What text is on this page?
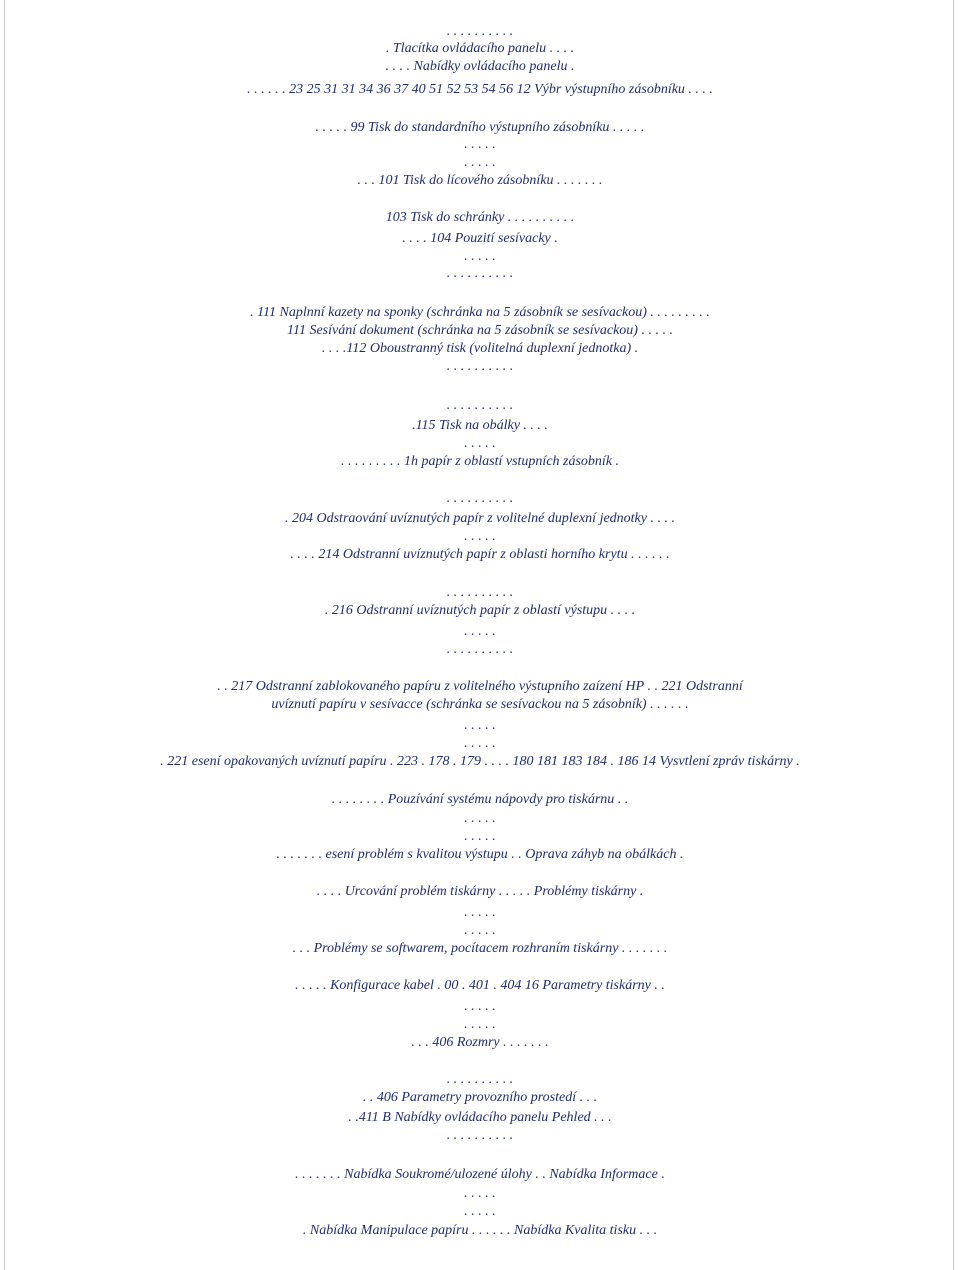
. . . . . . . . . .
. Tlacítka ovládacího panelu . . . .
. . . . Nabídky ovládacího panelu .
. . . . . . 23 25 31 31 34 36 37 40 51 52 53 54 56 12 Výbr výstupního zásobníku . . . .
. . . . . 99 Tisk do standardního výstupního zásobníku . . . . .
. . . . .
. . . . .
. . . 101 Tisk do lícového zásobníku . . . . . . .
103 Tisk do schránky . . . . . . . . . .
. . . . 104 Pouzití sesívacky .
. . . . .
. . . . . . . . . .
. 111 Naplnní kazety na sponky (schránka na 5 zásobník se sesívackou) . . . . . . . . .
111 Sesívání dokument (schránka na 5 zásobník se sesívackou) . . . . .
. . . .112 Oboustranný tisk (volitelná duplexní jednotka) .
. . . . . . . . . .
. . . . . . . . . .
.115 Tisk na obálky . . . .
. . . . .
. . . . . . . . . 1h papír z oblastí vstupních zásobník .
. . . . . . . . . .
. 204 Odstraování uvíznutých papír z volitelné duplexní jednotky . . . .
. . . . .
. . . . 214 Odstranní uvíznutých papír z oblasti horního krytu . . . . . .
. . . . . . . . . .
. 216 Odstranní uvíznutých papír z oblastí výstupu . . . .
. . . . .
. . . . . . . . . .
. . 217 Odstranní zablokovaného papíru z volitelného výstupního zaízení HP . . 221 Odstranní uvíznutí papíru v sesívacce (schránka se sesívackou na 5 zásobník) . . . . . .
. . . . .
. . . . .
. 221 esení opakovaných uvíznutí papíru . 223 . 178 . 179 . . . . 180 181 183 184 . 186 14 Vysvtlení zpráv tiskárny .
. . . . . . . . Pouzívání systému nápovdy pro tiskárnu . .
. . . . .
. . . . .
. . . . . . . esení problém s kvalitou výstupu . . Oprava záhyb na obálkách .
. . . . Urcování problém tiskárny . . . . . Problémy tiskárny .
. . . . .
. . . . .
. . . Problémy se softwarem, pocítacem rozhraním tiskárny . . . . . . .
. . . . . Konfigurace kabel . 00 . 401 . 404 16 Parametry tiskárny . .
. . . . .
. . . . .
. . . 406 Rozmry . . . . . . .
. . . . . . . . . .
. . 406 Parametry provozního prostedí . . .
. .411 B Nabídky ovládacího panelu Pehled . . .
. . . . . . . . . .
. . . . . . . Nabídka Soukromé/ulozené úlohy . . Nabídka Informace .
. . . . .
. . . . .
. Nabídka Manipulace papíru . . . . . . Nabídka Kvalita tisku . . .
